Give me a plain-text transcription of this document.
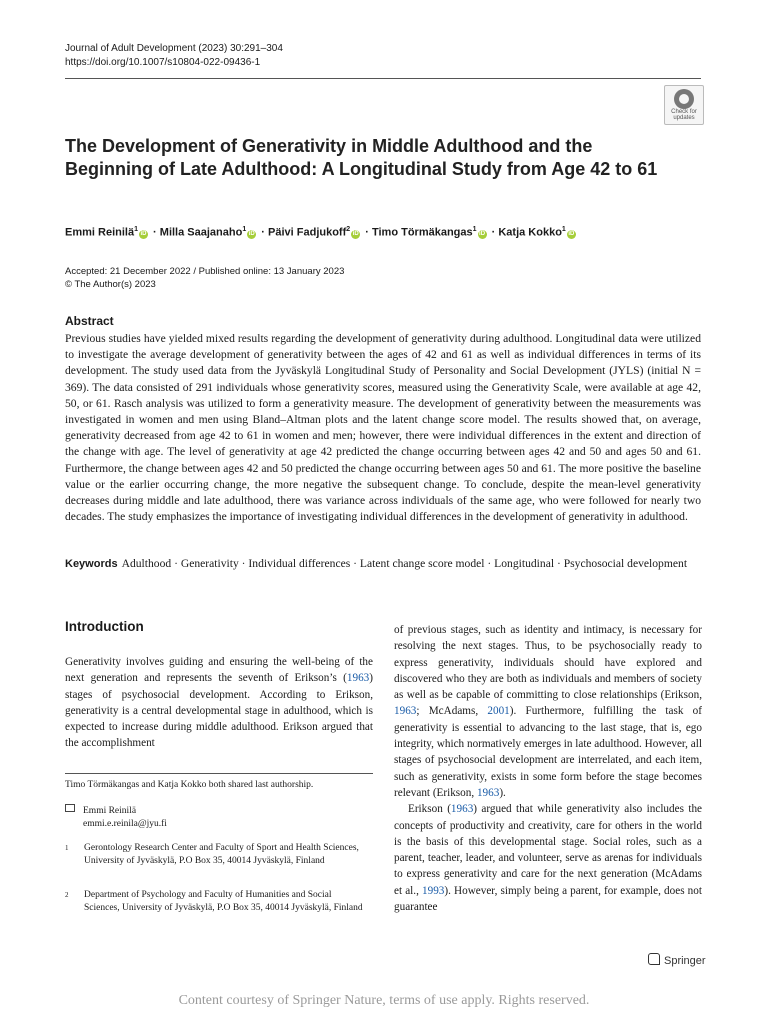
Journal of Adult Development (2023) 30:291–304
https://doi.org/10.1007/s10804-022-09436-1
Check for
updates
The Development of Generativity in Middle Adulthood and the Beginning of Late Adulthood: A Longitudinal Study from Age 42 to 61
Emmi Reinilä$^1$iD · Milla Saajanaho$^1$iD · Päivi Fadjukoff$^2$iD · Timo Törmäkangas$^1$iD · Katja Kokko$^1$iD
Accepted: 21 December 2022 / Published online: 13 January 2023
© The Author(s) 2023
Abstract
Previous studies have yielded mixed results regarding the development of generativity during adulthood. Longitudinal data were utilized to investigate the average development of generativity between the ages of 42 and 61 as well as individual differences in terms of its development. The study used data from the Jyväskylä Longitudinal Study of Personality and Social Development (JYLS) (initial N = 369). The data consisted of 291 individuals whose generativity scores, measured using the Generativity Scale, were available at age 42, 50, or 61. Rasch analysis was utilized to form a generativity measure. The development of generativity between the measurements was investigated in women and men using Bland–Altman plots and the latent change score model. The results showed that, on average, generativity decreased from age 42 to 61 in women and men; however, there were individual differences in the extent and direction of the change with age. The level of generativity at age 42 predicted the change occurring between ages 42 and 50 and ages 50 and 61. Furthermore, the change between ages 42 and 50 predicted the change occurring between ages 50 and 61. The more positive the baseline value or the earlier occurring change, the more negative the subsequent change. To conclude, despite the mean-level generativity decreases during middle and late adulthood, there was variance across individuals of the same age, who were followed for nearly two decades. The study emphasizes the importance of investigating individual differences in the development of generativity in adulthood.
Keywords Adulthood · Generativity · Individual differences · Latent change score model · Longitudinal · Psychosocial development
Introduction
Generativity involves guiding and ensuring the well-being of the next generation and represents the seventh of Erikson’s (1963) stages of psychosocial development. According to Erikson, generativity is a central developmental stage in adulthood, which is expected to increase during middle adulthood. Erikson argued that the accomplishment
Timo Törmäkangas and Katja Kokko both shared last authorship.
Emmi Reinilä
emmi.e.reinila@jyu.fi
1 Gerontology Research Center and Faculty of Sport and Health Sciences, University of Jyväskylä, P.O Box 35, 40014 Jyväskylä, Finland
2 Department of Psychology and Faculty of Humanities and Social Sciences, University of Jyväskylä, P.O Box 35, 40014 Jyväskylä, Finland

of previous stages, such as identity and intimacy, is necessary for resolving the next stages. Thus, to be psychosocially ready to express generativity, individuals should have explored and discovered who they are both as individuals and members of society as well as be capable of committing to close relationships (Erikson, 1963; McAdams, 2001). Furthermore, fulfilling the task of generativity is essential to advancing to the last stage, that is, ego integrity, which normatively emerges in late adulthood. However, all stages of psychosocial development are interrelated, and each item, such as generativity, exists in some form before the stage becomes relevant (Erikson, 1963).

Erikson (1963) argued that while generativity also includes the concepts of productivity and creativity, care for others in the world is the basis of this developmental stage. Social roles, such as a parent, teacher, leader, and volunteer, serve as arenas for individuals to express generativity and care for the next generation (McAdams et al., 1993). However, simply being a parent, for example, does not guarantee

Springer
Content courtesy of Springer Nature, terms of use apply. Rights reserved.
